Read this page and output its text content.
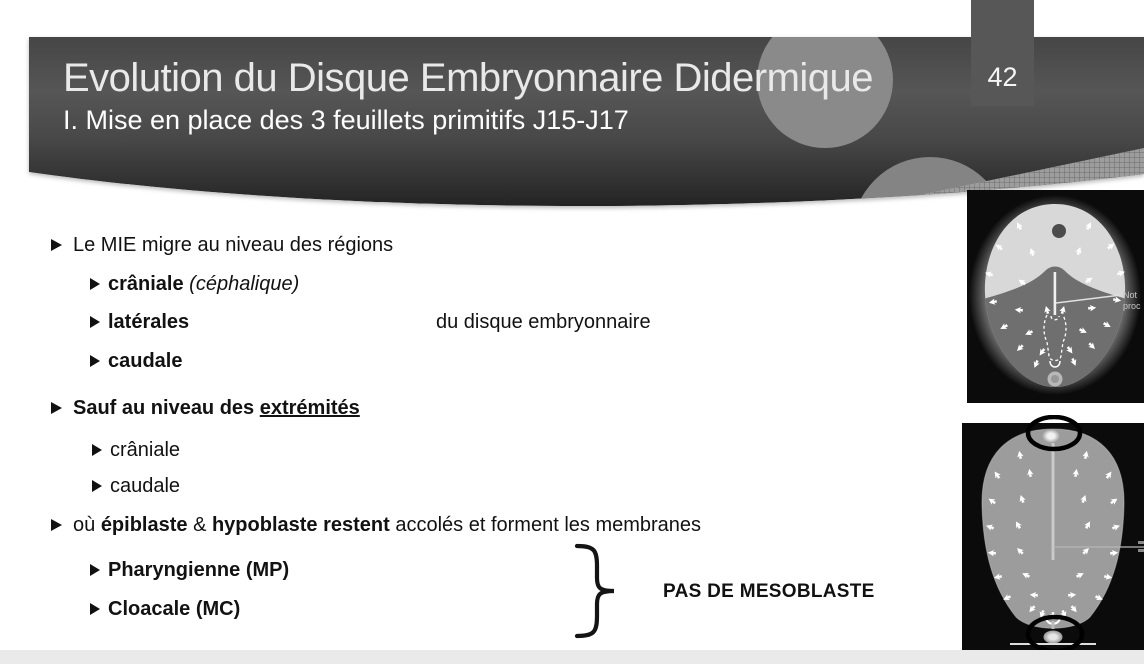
42
Evolution du Disque Embryonnaire Didermique
I. Mise en place des 3 feuillets primitifs J15-J17
Le MIE migre au niveau des régions
crâniale (céphalique)
latérales	du disque embryonnaire
caudale
Sauf au niveau des extrémités
crâniale
caudale
où épiblaste & hypoblaste restent accolés et forment les membranes
Pharyngienne (MP)
Cloacale (MC)
PAS DE MESOBLASTE
Not
proc
